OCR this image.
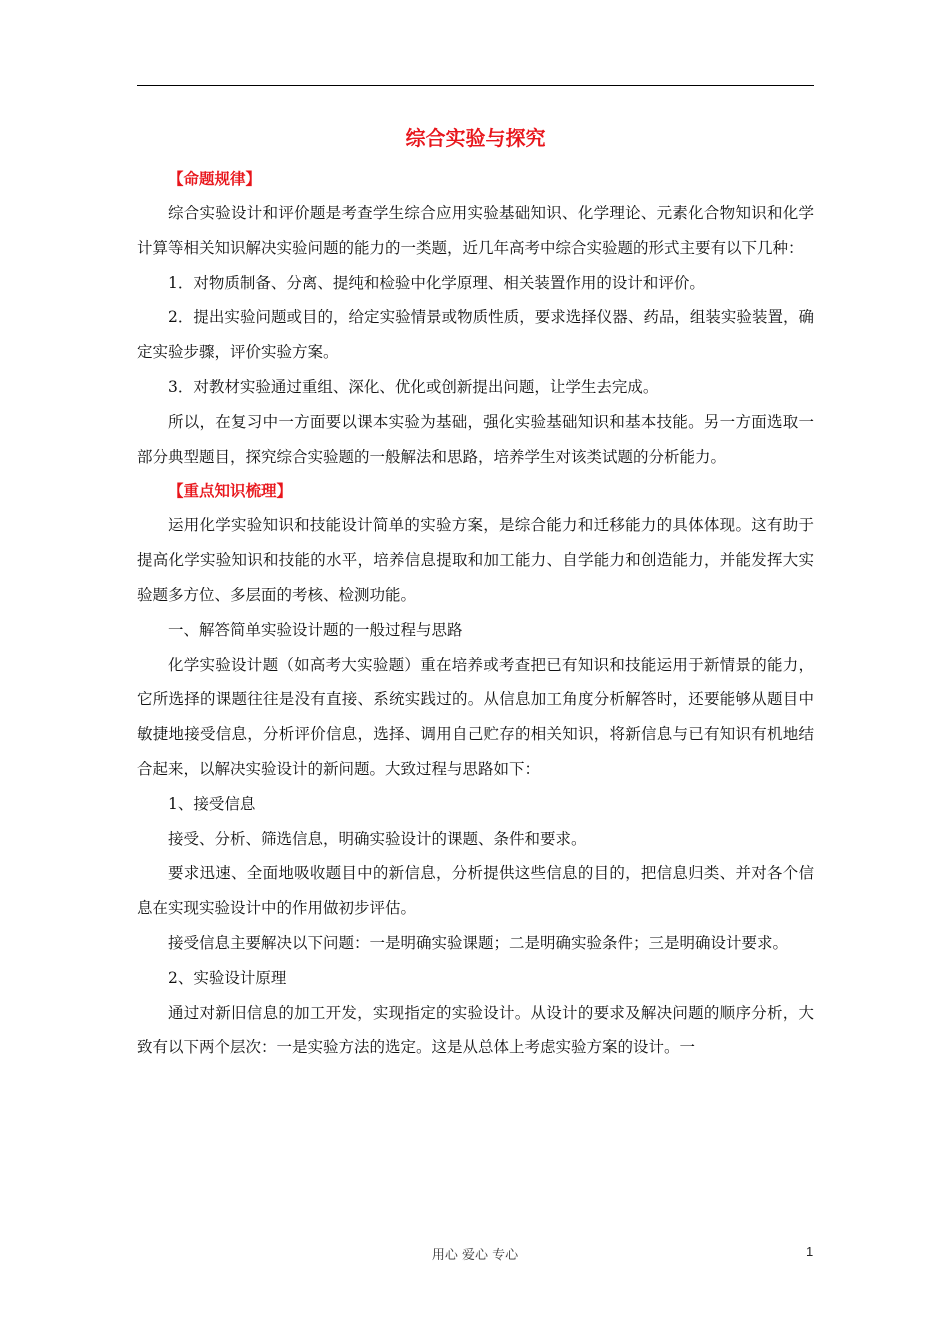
综合实验与探究

【命题规律】

综合实验设计和评价题是考查学生综合应用实验基础知识、化学理论、元素化合物知识和化学计算等相关知识解决实验问题的能力的一类题，近几年高考中综合实验题的形式主要有以下几种：

1．对物质制备、分离、提纯和检验中化学原理、相关装置作用的设计和评价。

2．提出实验问题或目的，给定实验情景或物质性质，要求选择仪器、药品，组装实验装置，确定实验步骤，评价实验方案。

3．对教材实验通过重组、深化、优化或创新提出问题，让学生去完成。

所以，在复习中一方面要以课本实验为基础，强化实验基础知识和基本技能。另一方面选取一部分典型题目，探究综合实验题的一般解法和思路，培养学生对该类试题的分析能力。

【重点知识梳理】

运用化学实验知识和技能设计简单的实验方案，是综合能力和迁移能力的具体体现。这有助于提高化学实验知识和技能的水平，培养信息提取和加工能力、自学能力和创造能力，并能发挥大实验题多方位、多层面的考核、检测功能。

一、解答简单实验设计题的一般过程与思路

化学实验设计题（如高考大实验题）重在培养或考查把已有知识和技能运用于新情景的能力，它所选择的课题往往是没有直接、系统实践过的。从信息加工角度分析解答时，还要能够从题目中敏捷地接受信息，分析评价信息，选择、调用自己贮存的相关知识，将新信息与已有知识有机地结合起来，以解决实验设计的新问题。大致过程与思路如下：

1、接受信息

接受、分析、筛选信息，明确实验设计的课题、条件和要求。

要求迅速、全面地吸收题目中的新信息，分析提供这些信息的目的，把信息归类、并对各个信息在实现实验设计中的作用做初步评估。

接受信息主要解决以下问题：一是明确实验课题；二是明确实验条件；三是明确设计要求。

2、实验设计原理

通过对新旧信息的加工开发，实现指定的实验设计。从设计的要求及解决问题的顺序分析，大致有以下两个层次：一是实验方法的选定。这是从总体上考虑实验方案的设计。一

用心 爱心 专心	1
